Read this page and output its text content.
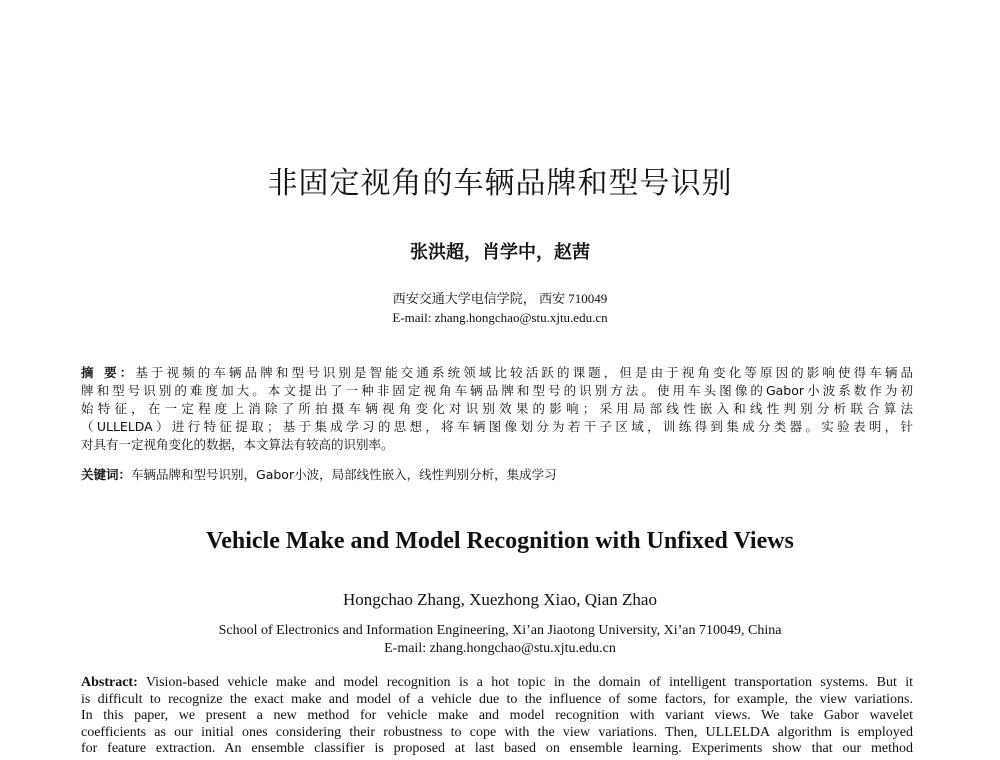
非固定视角的车辆品牌和型号识别
张洪超，肖学中，赵茜
西安交通大学电信学院， 西安 710049
E-mail: zhang.hongchao@stu.xjtu.edu.cn
摘 要：基于视频的车辆品牌和型号识别是智能交通系统领域比较活跃的课题，但是由于视角变化等原因的影响使得车辆品
牌和型号识别的难度加大。本文提出了一种非固定视角车辆品牌和型号的识别方法。使用车头图像的Gabor小波系数作为初
始特征，在一定程度上消除了所拍摄车辆视角变化对识别效果的影响；采用局部线性嵌入和线性判别分析联合算法
（ULLELDA）进行特征提取；基于集成学习的思想，将车辆图像划分为若干子区域，训练得到集成分类器。实验表明，针
对具有一定视角变化的数据，本文算法有较高的识别率。
关键词：车辆品牌和型号识别，Gabor小波，局部线性嵌入，线性判别分析，集成学习
Vehicle Make and Model Recognition with Unfixed Views
Hongchao Zhang, Xuezhong Xiao, Qian Zhao
School of Electronics and Information Engineering, Xi’an Jiaotong University, Xi’an 710049, China
E-mail: zhang.hongchao@stu.xjtu.edu.cn
Abstract: Vision-based vehicle make and model recognition is a hot topic in the domain of intelligent transportation systems. But it
is difficult to recognize the exact make and model of a vehicle due to the influence of some factors, for example, the view variations.
In this paper, we present a new method for vehicle make and model recognition with variant views. We take Gabor wavelet
coefficients as our initial ones considering their robustness to cope with the view variations. Then, ULLELDA algorithm is employed
for feature extraction. An ensemble classifier is proposed at last based on ensemble learning. Experiments show that our method
